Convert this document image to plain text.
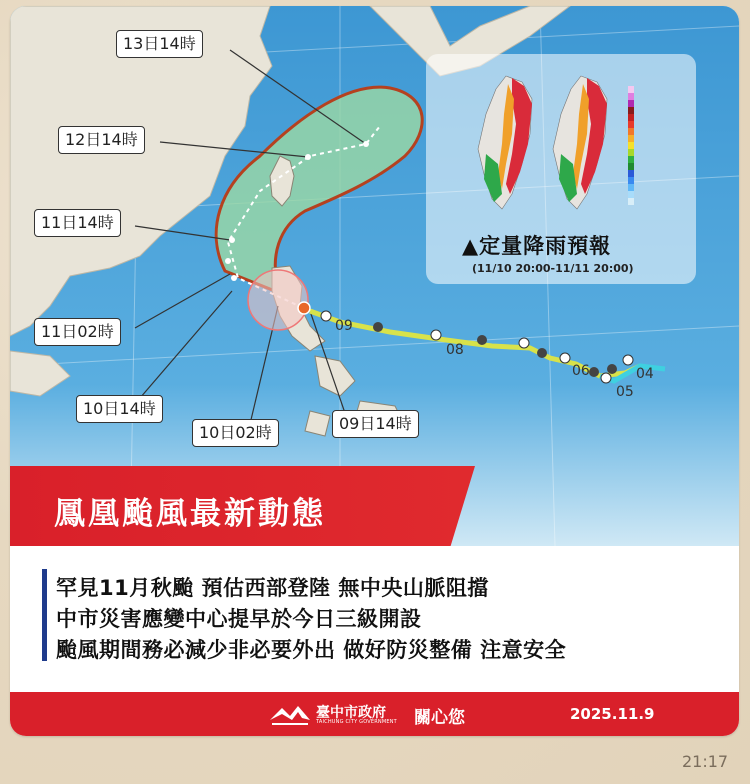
13日14時
12日14時
11日14時
11日02時
10日14時
10日02時	09日14時
09
08
06
05
04
▲定量降雨預報
(11/10 20:00-11/11 20:00)
鳳凰颱風最新動態
罕見11月秋颱 預估西部登陸 無中央山脈阻擋
中市災害應變中心提早於今日三級開設
颱風期間務必減少非必要外出 做好防災整備 注意安全
臺中市政府
TAICHUNG CITY GOVERNMENT 關心您	2025.11.9
21:17
